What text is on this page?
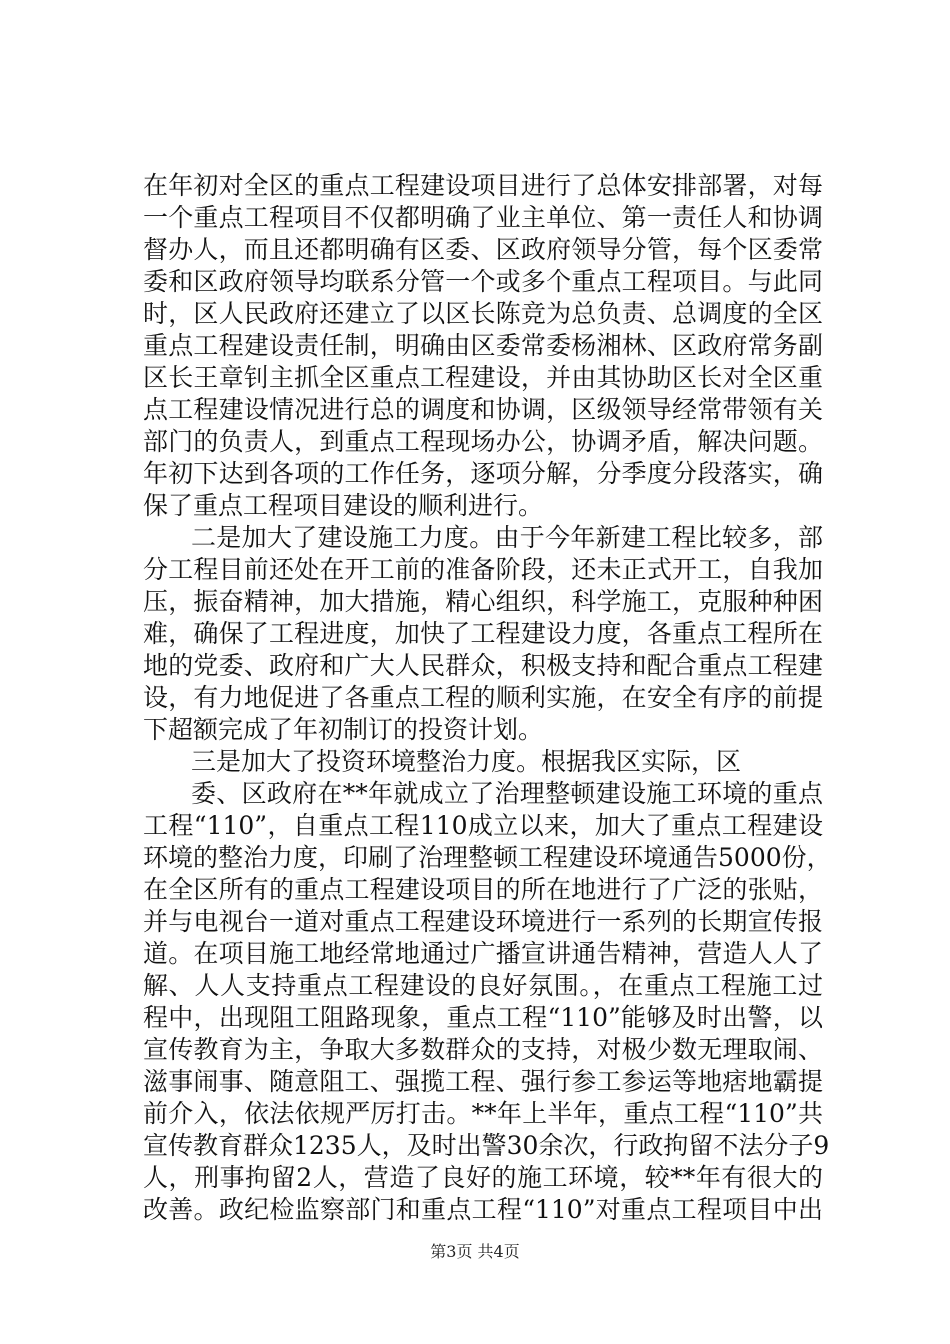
在年初对全区的重点工程建设项目进行了总体安排部署，对每
一个重点工程项目不仅都明确了业主单位、第一责任人和协调
督办人，而且还都明确有区委、区政府领导分管，每个区委常
委和区政府领导均联系分管一个或多个重点工程项目。与此同
时，区人民政府还建立了以区长陈竞为总负责、总调度的全区
重点工程建设责任制，明确由区委常委杨湘林、区政府常务副
区长王章钊主抓全区重点工程建设，并由其协助区长对全区重
点工程建设情况进行总的调度和协调，区级领导经常带领有关
部门的负责人，到重点工程现场办公，协调矛盾，解决问题。
年初下达到各项的工作任务，逐项分解，分季度分段落实，确
保了重点工程项目建设的顺利进行。
二是加大了建设施工力度。由于今年新建工程比较多，部
分工程目前还处在开工前的准备阶段，还未正式开工，自我加
压，振奋精神，加大措施，精心组织，科学施工，克服种种困
难，确保了工程进度，加快了工程建设力度，各重点工程所在
地的党委、政府和广大人民群众，积极支持和配合重点工程建
设，有力地促进了各重点工程的顺利实施，在安全有序的前提
下超额完成了年初制订的投资计划。
三是加大了投资环境整治力度。根据我区实际，区
委、区政府在**年就成立了治理整顿建设施工环境的重点
工程“110”，自重点工程110成立以来，加大了重点工程建设
环境的整治力度，印刷了治理整顿工程建设环境通告5000份，
在全区所有的重点工程建设项目的所在地进行了广泛的张贴，
并与电视台一道对重点工程建设环境进行一系列的长期宣传报
道。在项目施工地经常地通过广播宣讲通告精神，营造人人了
解、人人支持重点工程建设的良好氛围。，在重点工程施工过
程中，出现阻工阻路现象，重点工程“110”能够及时出警，以
宣传教育为主，争取大多数群众的支持，对极少数无理取闹、
滋事闹事、随意阻工、强揽工程、强行参工参运等地痞地霸提
前介入，依法依规严厉打击。**年上半年，重点工程“110”共
宣传教育群众1235人，及时出警30余次，行政拘留不法分子9
人，刑事拘留2人，营造了良好的施工环境，较**年有很大的
改善。政纪检监察部门和重点工程“110”对重点工程项目中出
第3页 共4页
